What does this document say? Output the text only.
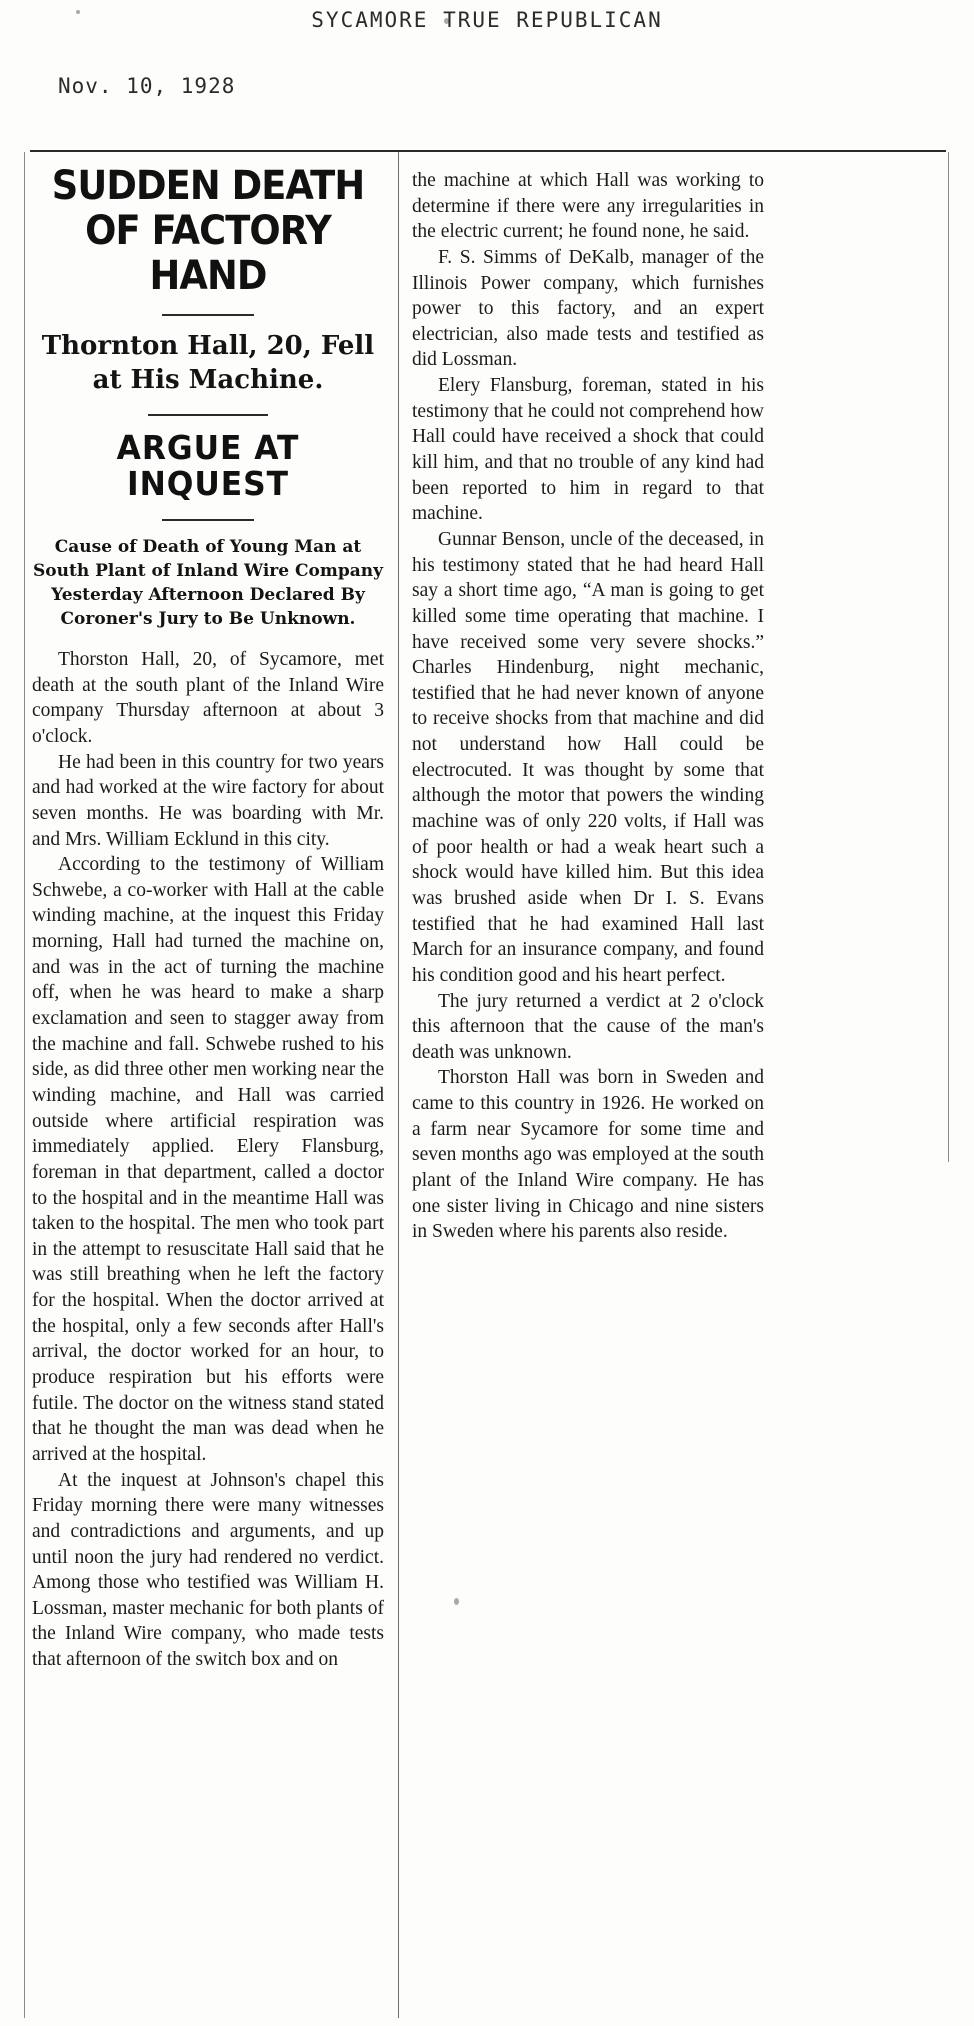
SYCAMORE TRUE REPUBLICAN
Nov. 10, 1928
SUDDEN DEATH OF FACTORY HAND
Thornton Hall, 20, Fell at His Machine.
ARGUE AT INQUEST
Cause of Death of Young Man at South Plant of Inland Wire Company Yesterday Afternoon Declared By Coroner's Jury to Be Unknown.

Thorston Hall, 20, of Sycamore, met death at the south plant of the Inland Wire company Thursday afternoon at about 3 o'clock.

He had been in this country for two years and had worked at the wire factory for about seven months. He was boarding with Mr. and Mrs. William Ecklund in this city.

According to the testimony of William Schwebe, a co-worker with Hall at the cable winding machine, at the inquest this Friday morning, Hall had turned the machine on, and was in the act of turning the machine off, when he was heard to make a sharp exclamation and seen to stagger away from the machine and fall. Schwebe rushed to his side, as did three other men working near the winding machine, and Hall was carried outside where artificial respiration was immediately applied. Elery Flansburg, foreman in that department, called a doctor to the hospital and in the meantime Hall was taken to the hospital. The men who took part in the attempt to resuscitate Hall said that he was still breathing when he left the factory for the hospital. When the doctor arrived at the hospital, only a few seconds after Hall's arrival, the doctor worked for an hour, to produce respiration but his efforts were futile. The doctor on the witness stand stated that he thought the man was dead when he arrived at the hospital.

At the inquest at Johnson's chapel this Friday morning there were many witnesses and contradictions and arguments, and up until noon the jury had rendered no verdict. Among those who testified was William H. Lossman, master mechanic for both plants of the Inland Wire company, who made tests that afternoon of the switch box and on

the machine at which Hall was working to determine if there were any irregularities in the electric current; he found none, he said.

F. S. Simms of DeKalb, manager of the Illinois Power company, which furnishes power to this factory, and an expert electrician, also made tests and testified as did Lossman.

Elery Flansburg, foreman, stated in his testimony that he could not comprehend how Hall could have received a shock that could kill him, and that no trouble of any kind had been reported to him in regard to that machine.

Gunnar Benson, uncle of the deceased, in his testimony stated that he had heard Hall say a short time ago, “A man is going to get killed some time operating that machine. I have received some very severe shocks.” Charles Hindenburg, night mechanic, testified that he had never known of anyone to receive shocks from that machine and did not understand how Hall could be electrocuted. It was thought by some that although the motor that powers the winding machine was of only 220 volts, if Hall was of poor health or had a weak heart such a shock would have killed him. But this idea was brushed aside when Dr I. S. Evans testified that he had examined Hall last March for an insurance company, and found his condition good and his heart perfect.

The jury returned a verdict at 2 o'clock this afternoon that the cause of the man's death was unknown.

Thorston Hall was born in Sweden and came to this country in 1926. He worked on a farm near Sycamore for some time and seven months ago was employed at the south plant of the Inland Wire company. He has one sister living in Chicago and nine sisters in Sweden where his parents also reside.
